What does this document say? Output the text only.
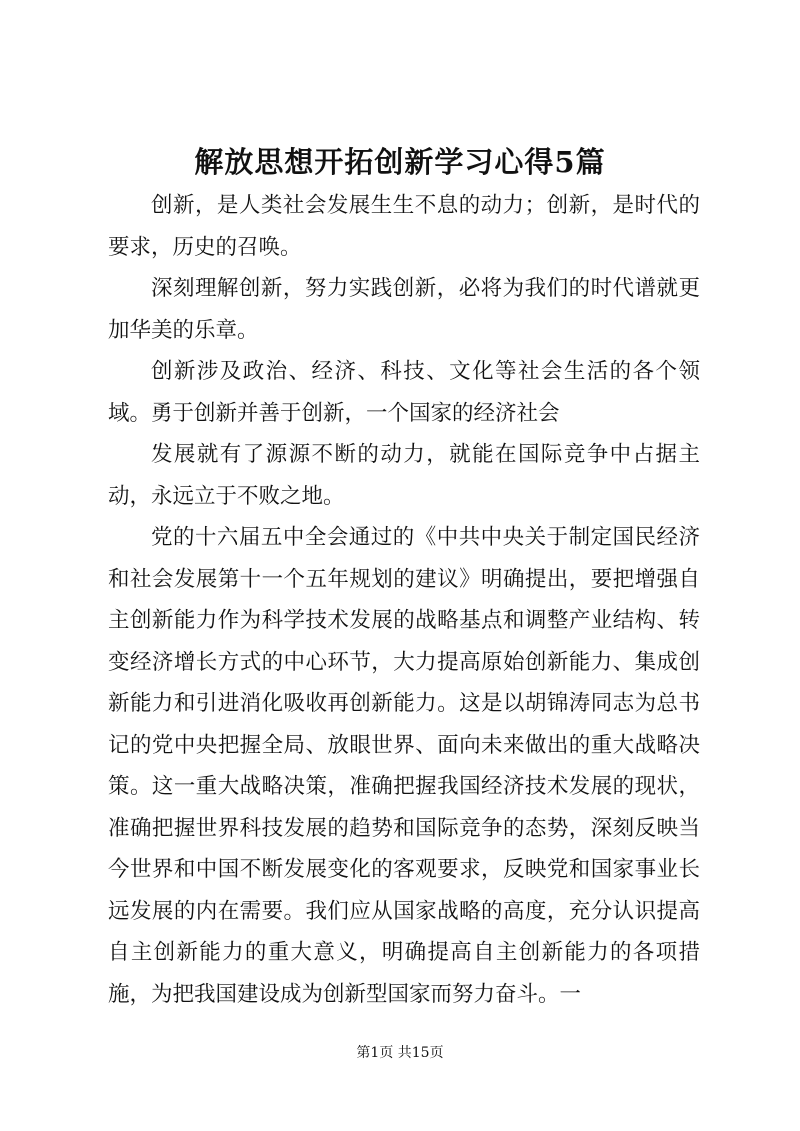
解放思想开拓创新学习心得5篇

创新，是人类社会发展生生不息的动力；创新，是时代的要求，历史的召唤。

深刻理解创新，努力实践创新，必将为我们的时代谱就更加华美的乐章。

创新涉及政治、经济、科技、文化等社会生活的各个领域。勇于创新并善于创新，一个国家的经济社会

发展就有了源源不断的动力，就能在国际竞争中占据主动，永远立于不败之地。

党的十六届五中全会通过的《中共中央关于制定国民经济和社会发展第十一个五年规划的建议》明确提出，要把增强自主创新能力作为科学技术发展的战略基点和调整产业结构、转变经济增长方式的中心环节，大力提高原始创新能力、集成创新能力和引进消化吸收再创新能力。这是以胡锦涛同志为总书记的党中央把握全局、放眼世界、面向未来做出的重大战略决策。这一重大战略决策，准确把握我国经济技术发展的现状，准确把握世界科技发展的趋势和国际竞争的态势，深刻反映当今世界和中国不断发展变化的客观要求，反映党和国家事业长远发展的内在需要。我们应从国家战略的高度，充分认识提高自主创新能力的重大意义，明确提高自主创新能力的各项措施，为把我国建设成为创新型国家而努力奋斗。一

第1页 共15页
